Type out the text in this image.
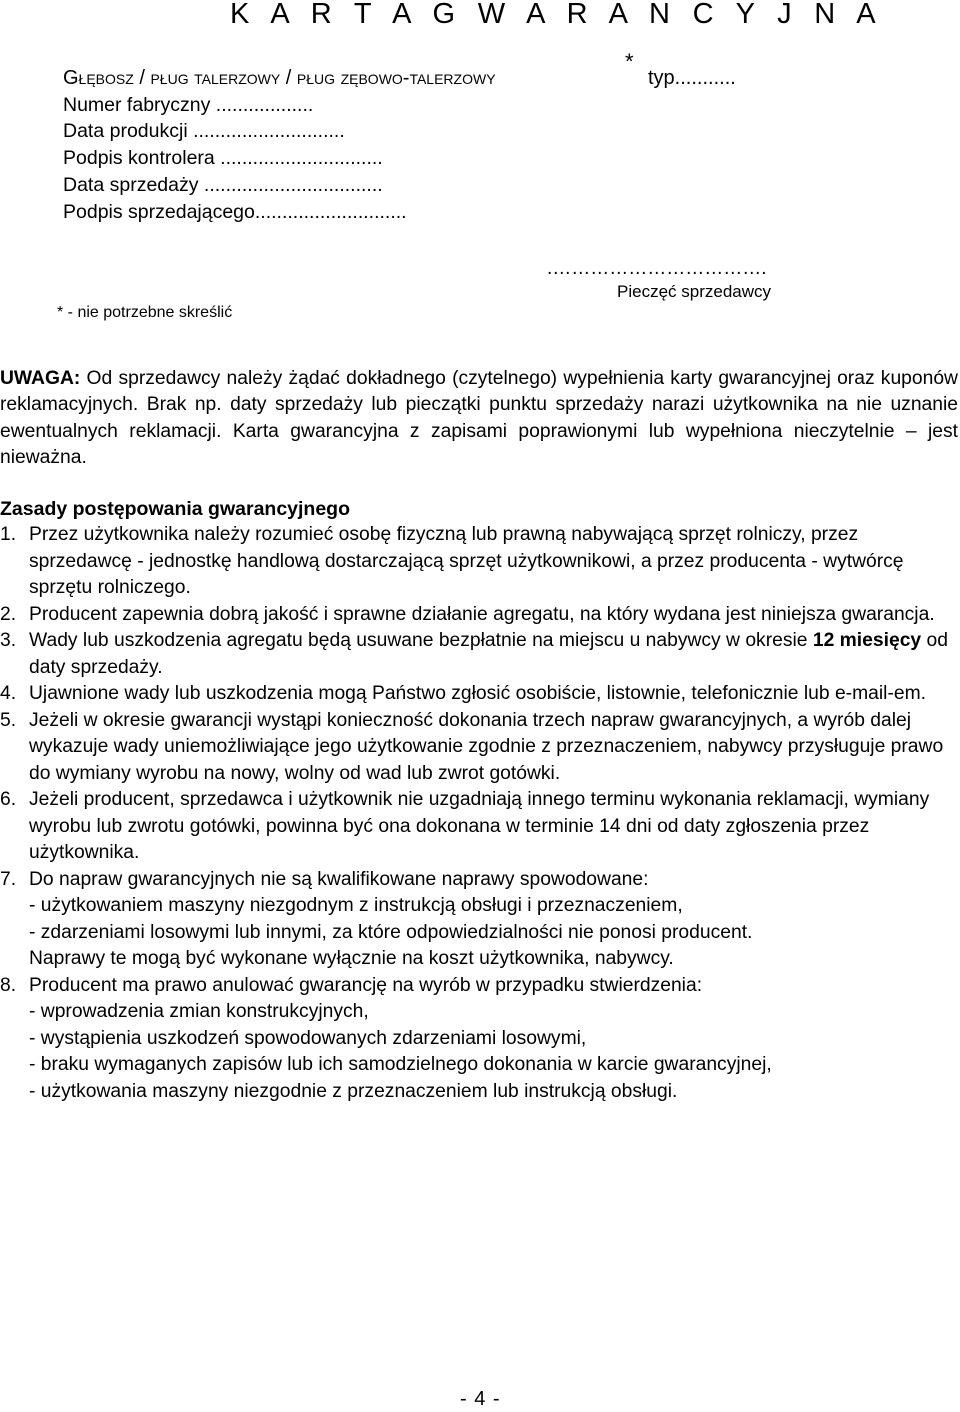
K A R T A G W A R A N C Y J N A
Głębosz / pług talerzowy / pług zębowo-talerzowy
*
typ...........
Numer fabryczny ..................
Data produkcji ............................
Podpis kontrolera ..............................
Data sprzedaży .................................
Podpis sprzedającego............................
.…………………………….
Pieczęć sprzedawcy
* - nie potrzebne skreślić
UWAGA: Od sprzedawcy należy żądać dokładnego (czytelnego) wypełnienia karty gwarancyjnej oraz kuponów reklamacyjnych. Brak np. daty sprzedaży lub pieczątki punktu sprzedaży narazi użytkownika na nie uznanie ewentualnych reklamacji. Karta gwarancyjna z zapisami poprawionymi lub wypełniona nieczytelnie – jest nieważna.
Zasady postępowania gwarancyjnego
1. Przez użytkownika należy rozumieć osobę fizyczną lub prawną nabywającą sprzęt rolniczy, przez sprzedawcę - jednostkę handlową dostarczającą sprzęt użytkownikowi, a przez producenta - wytwórcę sprzętu rolniczego.
2. Producent zapewnia dobrą jakość i sprawne działanie agregatu, na który wydana jest niniejsza gwarancja.
3. Wady lub uszkodzenia agregatu będą usuwane bezpłatnie na miejscu u nabywcy w okresie 12 miesięcy od daty sprzedaży.
4. Ujawnione wady lub uszkodzenia mogą Państwo zgłosić osobiście, listownie, telefonicznie lub e-mail-em.
5. Jeżeli w okresie gwarancji wystąpi konieczność dokonania trzech napraw gwarancyjnych, a wyrób dalej wykazuje wady uniemożliwiające jego użytkowanie zgodnie z przeznaczeniem, nabywcy przysługuje prawo do wymiany wyrobu na nowy, wolny od wad lub zwrot gotówki.
6. Jeżeli producent, sprzedawca i użytkownik nie uzgadniają innego terminu wykonania reklamacji, wymiany wyrobu lub zwrotu gotówki, powinna być ona dokonana w terminie 14 dni od daty zgłoszenia przez użytkownika.
7. Do napraw gwarancyjnych nie są kwalifikowane naprawy spowodowane:
- użytkowaniem maszyny niezgodnym z instrukcją obsługi i przeznaczeniem,
- zdarzeniami losowymi lub innymi, za które odpowiedzialności nie ponosi producent.
Naprawy te mogą być wykonane wyłącznie na koszt użytkownika, nabywcy.
8. Producent ma prawo anulować gwarancję na wyrób w przypadku stwierdzenia:
- wprowadzenia zmian konstrukcyjnych,
- wystąpienia uszkodzeń spowodowanych zdarzeniami losowymi,
- braku wymaganych zapisów lub ich samodzielnego dokonania w karcie gwarancyjnej,
- użytkowania maszyny niezgodnie z przeznaczeniem lub instrukcją obsługi.
- 4 -
